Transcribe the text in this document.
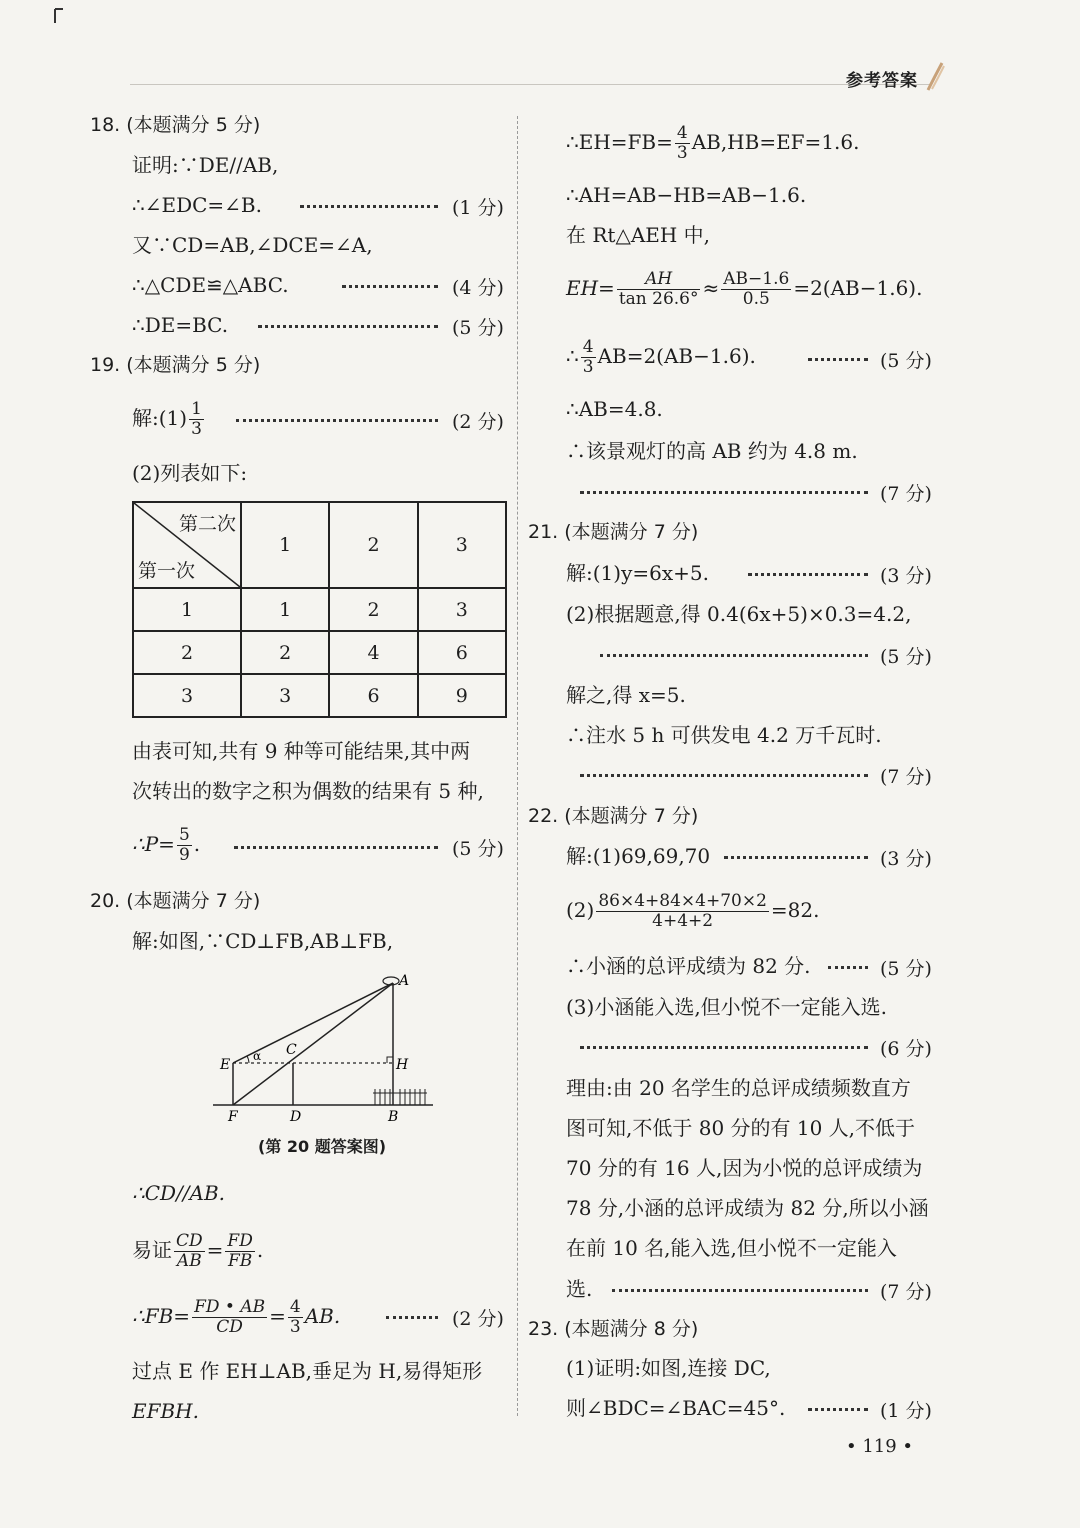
参考答案
18. (本题满分 5 分)
证明:∵DE//AB,
∴∠EDC=∠B.	(1 分)
又∵CD=AB,∠DCE=∠A,
∴△CDE≌△ABC.	(4 分)
∴DE=BC.	(5 分)
19. (本题满分 5 分)
解:(1) $\frac{1}{3}$	(2 分)
(2)列表如下:
第二次
第一次	1	2	3
1	1	2	3
2	2	4	6
3	3	6	9
由表可知,共有 9 种等可能结果,其中两
次转出的数字之积为偶数的结果有 5 种,
∴P= $\frac{5}{9}$ .	(5 分)
20. (本题满分 7 分)
解:如图,∵CD⊥FB,AB⊥FB,
A
E
C
H
F	D	B
α
(第 20 题答案图)
∴CD//AB.
易证 $\frac{CD}{AB} = \frac{FD}{FB}$ .
∴FB= $\frac{FD • AB}{CD} = \frac{4}{3}$ AB.	(2 分)
过点 E 作 EH⊥AB,垂足为 H,易得矩形
EFBH.
∴EH=FB= $\frac{4}{3} AB,HB=EF=1.6$.
∴AH=AB−HB=AB−1.6.
在 Rt△AEH 中,
$EH= \frac{AH}{\tan 26.6^\circ} \approx \frac{AB-1.6}{0.5} =2(AB-1.6)$.
∴ $\frac{4}{3} AB=2(AB-1.6)$.	(5 分)
∴AB=4.8.
∴该景观灯的高 AB 约为 4.8 m.
(7 分)
21. (本题满分 7 分)
解:(1)y=6x+5.	(3 分)
(2)根据题意,得 0.4(6x+5)×0.3=4.2,
(5 分)
解之,得 x=5.
∴注水 5 h 可供发电 4.2 万千瓦时.
(7 分)
22. (本题满分 7 分)
解:(1)69,69,70	(3 分)
$(2) \frac{86\times 4+84\times 4+70\times 2}{4+4+2} =82$.
∴小涵的总评成绩为 82 分.	(5 分)
(3)小涵能入选,但小悦不一定能入选.
(6 分)
理由:由 20 名学生的总评成绩频数直方
图可知,不低于 80 分的有 10 人,不低于
70 分的有 16 人,因为小悦的总评成绩为
78 分,小涵的总评成绩为 82 分,所以小涵
在前 10 名,能入选,但小悦不一定能入
选.	(7 分)
23. (本题满分 8 分)
(1)证明:如图,连接 DC,
则∠BDC=∠BAC=45°.	(1 分)
• 119 •
